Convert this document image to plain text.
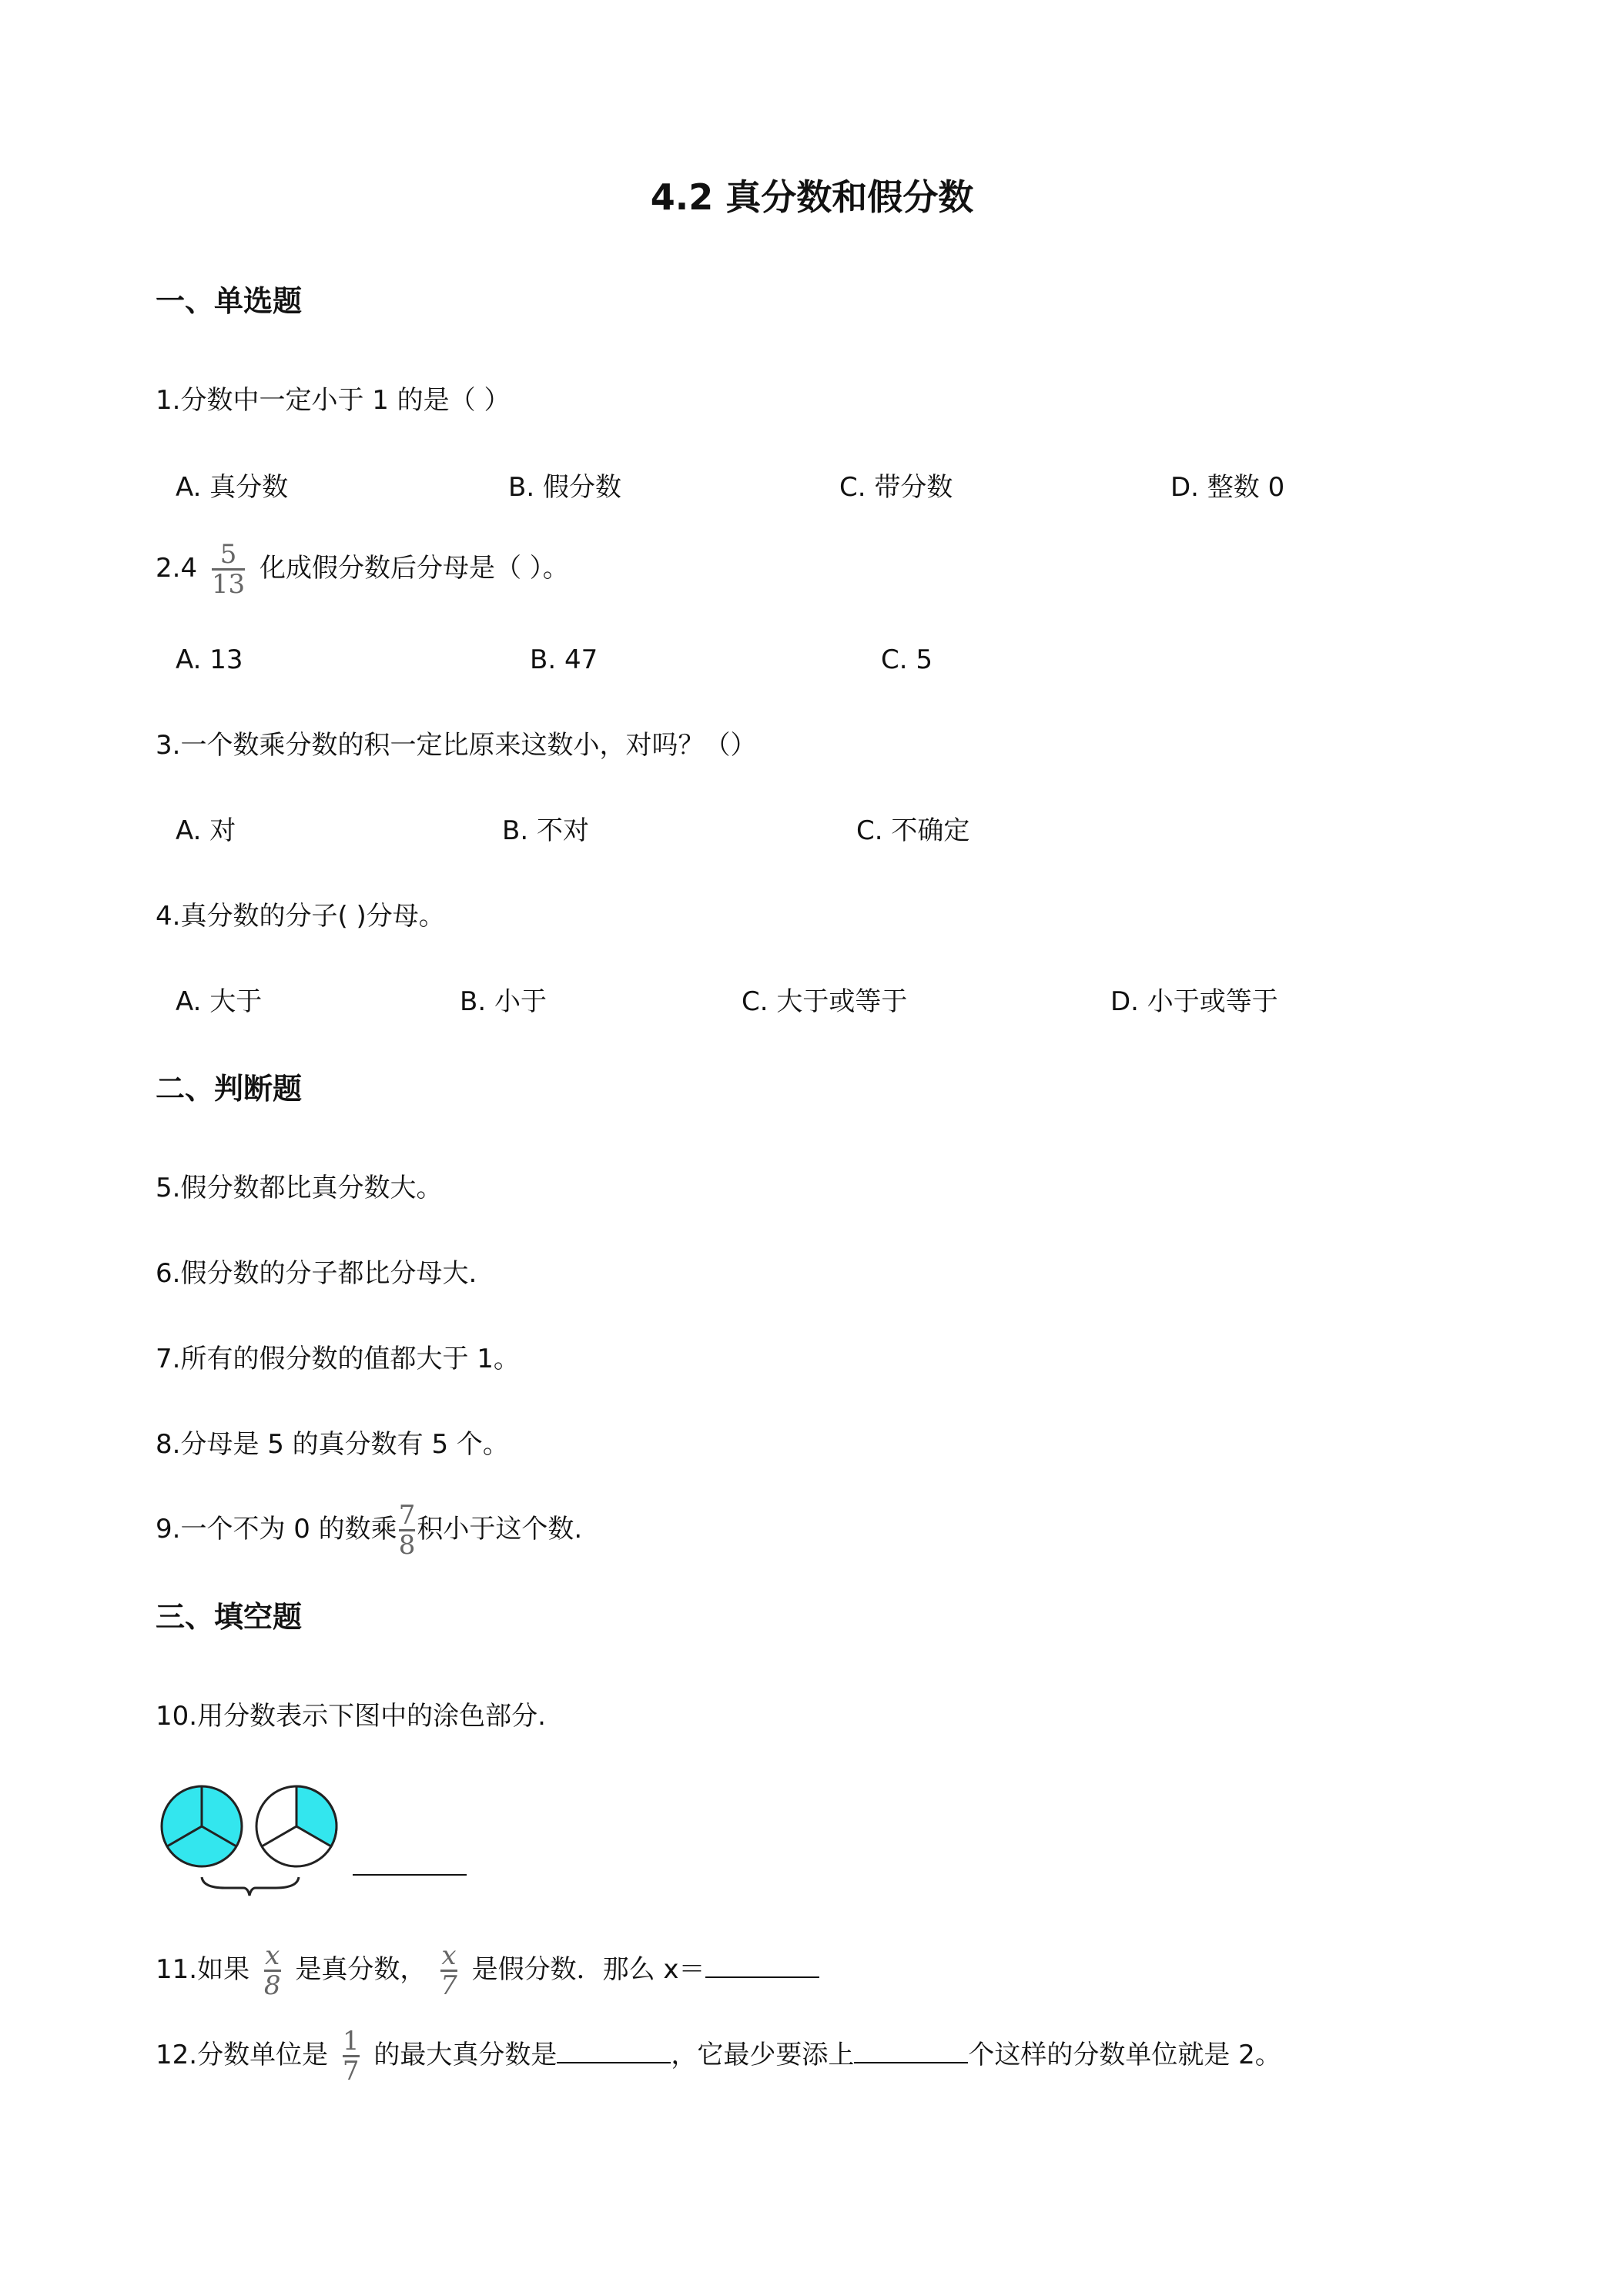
4.2 真分数和假分数
一、单选题
1.分数中一定小于 1 的是（ ）
A. 真分数	B. 假分数	C. 带分数	D. 整数 0
$2.4 \frac{5}{13}$ 化成假分数后分母是（ ）。
A. 13	B. 47	C. 5
3.一个数乘分数的积一定比原来这数小，对吗？（）
A. 对	B. 不对	C. 不确定
4.真分数的分子( )分母。
A. 大于	B. 小于	C. 大于或等于	D. 小于或等于
二、判断题
5.假分数都比真分数大。
6.假分数的分子都比分母大.
7.所有的假分数的值都大于 1。
8.分母是 5 的真分数有 5 个。
9.一个不为 0 的数乘 $\frac{7}{8}$ 积小于这个数.
三、填空题
10.用分数表示下图中的涂色部分.
11.如果 $\frac{x}{8}$ 是真分数， $\frac{x}{7}$ 是假分数．那么 x＝
12.分数单位是 $\frac{1}{7}$ 的最大真分数是	，它最少要添上	个这样的分数单位就是 2。
